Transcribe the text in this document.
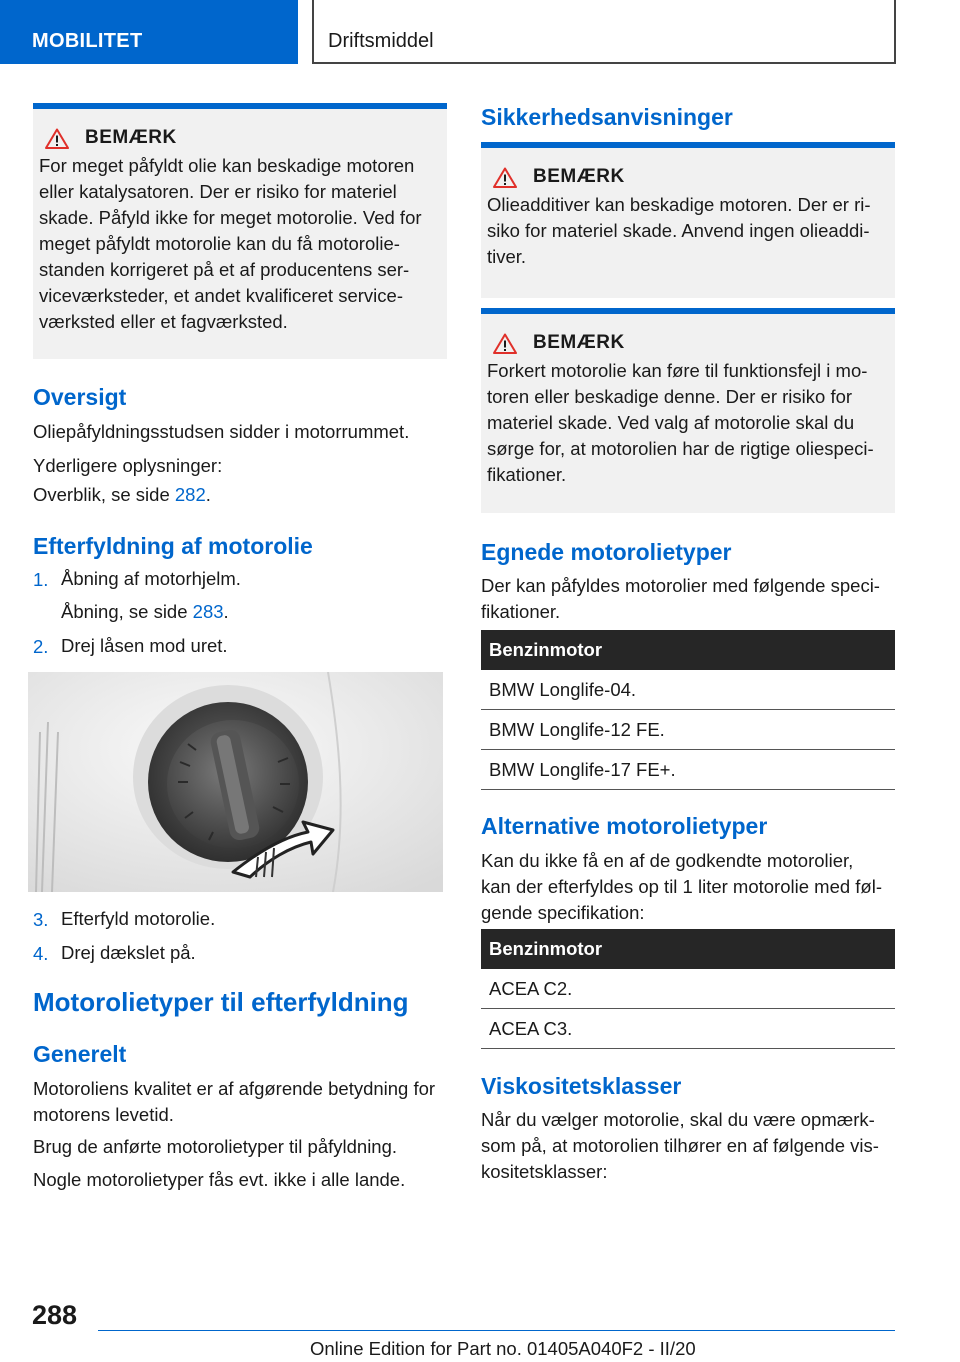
MOBILITET	Driftsmiddel
BEMÆRK

For meget påfyldt olie kan beskadige motoren
eller katalysatoren. Der er risiko for materiel
skade. Påfyld ikke for meget motorolie. Ved for
meget påfyldt motorolie kan du få motorolie-
standen korrigeret på et af producentens ser-
viceværksteder, et andet kvalificeret service-
værksted eller et fagværksted.

Oversigt
Oliepåfyldningsstudsen sidder i motorrummet.
Yderligere oplysninger:
Overblik, se side 282.
Efterfyldning af motorolie
1. Åbning af motorhjelm.
Åbning, se side 283.
2. Drej låsen mod uret.
3. Efterfyld motorolie.
4. Drej dækslet på.
Motorolietyper til efterfyldning
Generelt
Motoroliens kvalitet er af afgørende betydning for
motorens levetid.
Brug de anførte motorolietyper til påfyldning.
Nogle motorolietyper fås evt. ikke i alle lande.
Sikkerhedsanvisninger
BEMÆRK

Olieadditiver kan beskadige motoren. Der er ri-
siko for materiel skade. Anvend ingen olieaddi-
tiver.

BEMÆRK

Forkert motorolie kan føre til funktionsfejl i mo-
toren eller beskadige denne. Der er risiko for
materiel skade. Ved valg af motorolie skal du
sørge for, at motorolien har de rigtige oliespeci-
fikationer.

Egnede motorolietyper
Der kan påfyldes motorolier med følgende speci-
fikationer.
Benzinmotor
BMW Longlife-04.
BMW Longlife-12 FE.
BMW Longlife-17 FE+.
Alternative motorolietyper
Kan du ikke få en af de godkendte motorolier,
kan der efterfyldes op til 1 liter motorolie med føl-
gende specifikation:
Benzinmotor
ACEA C2.
ACEA C3.
Viskositetsklasser
Når du vælger motorolie, skal du være opmærk-
som på, at motorolien tilhører en af følgende vis-
kositetsklasser:
288
Online Edition for Part no. 01405A040F2 - II/20
